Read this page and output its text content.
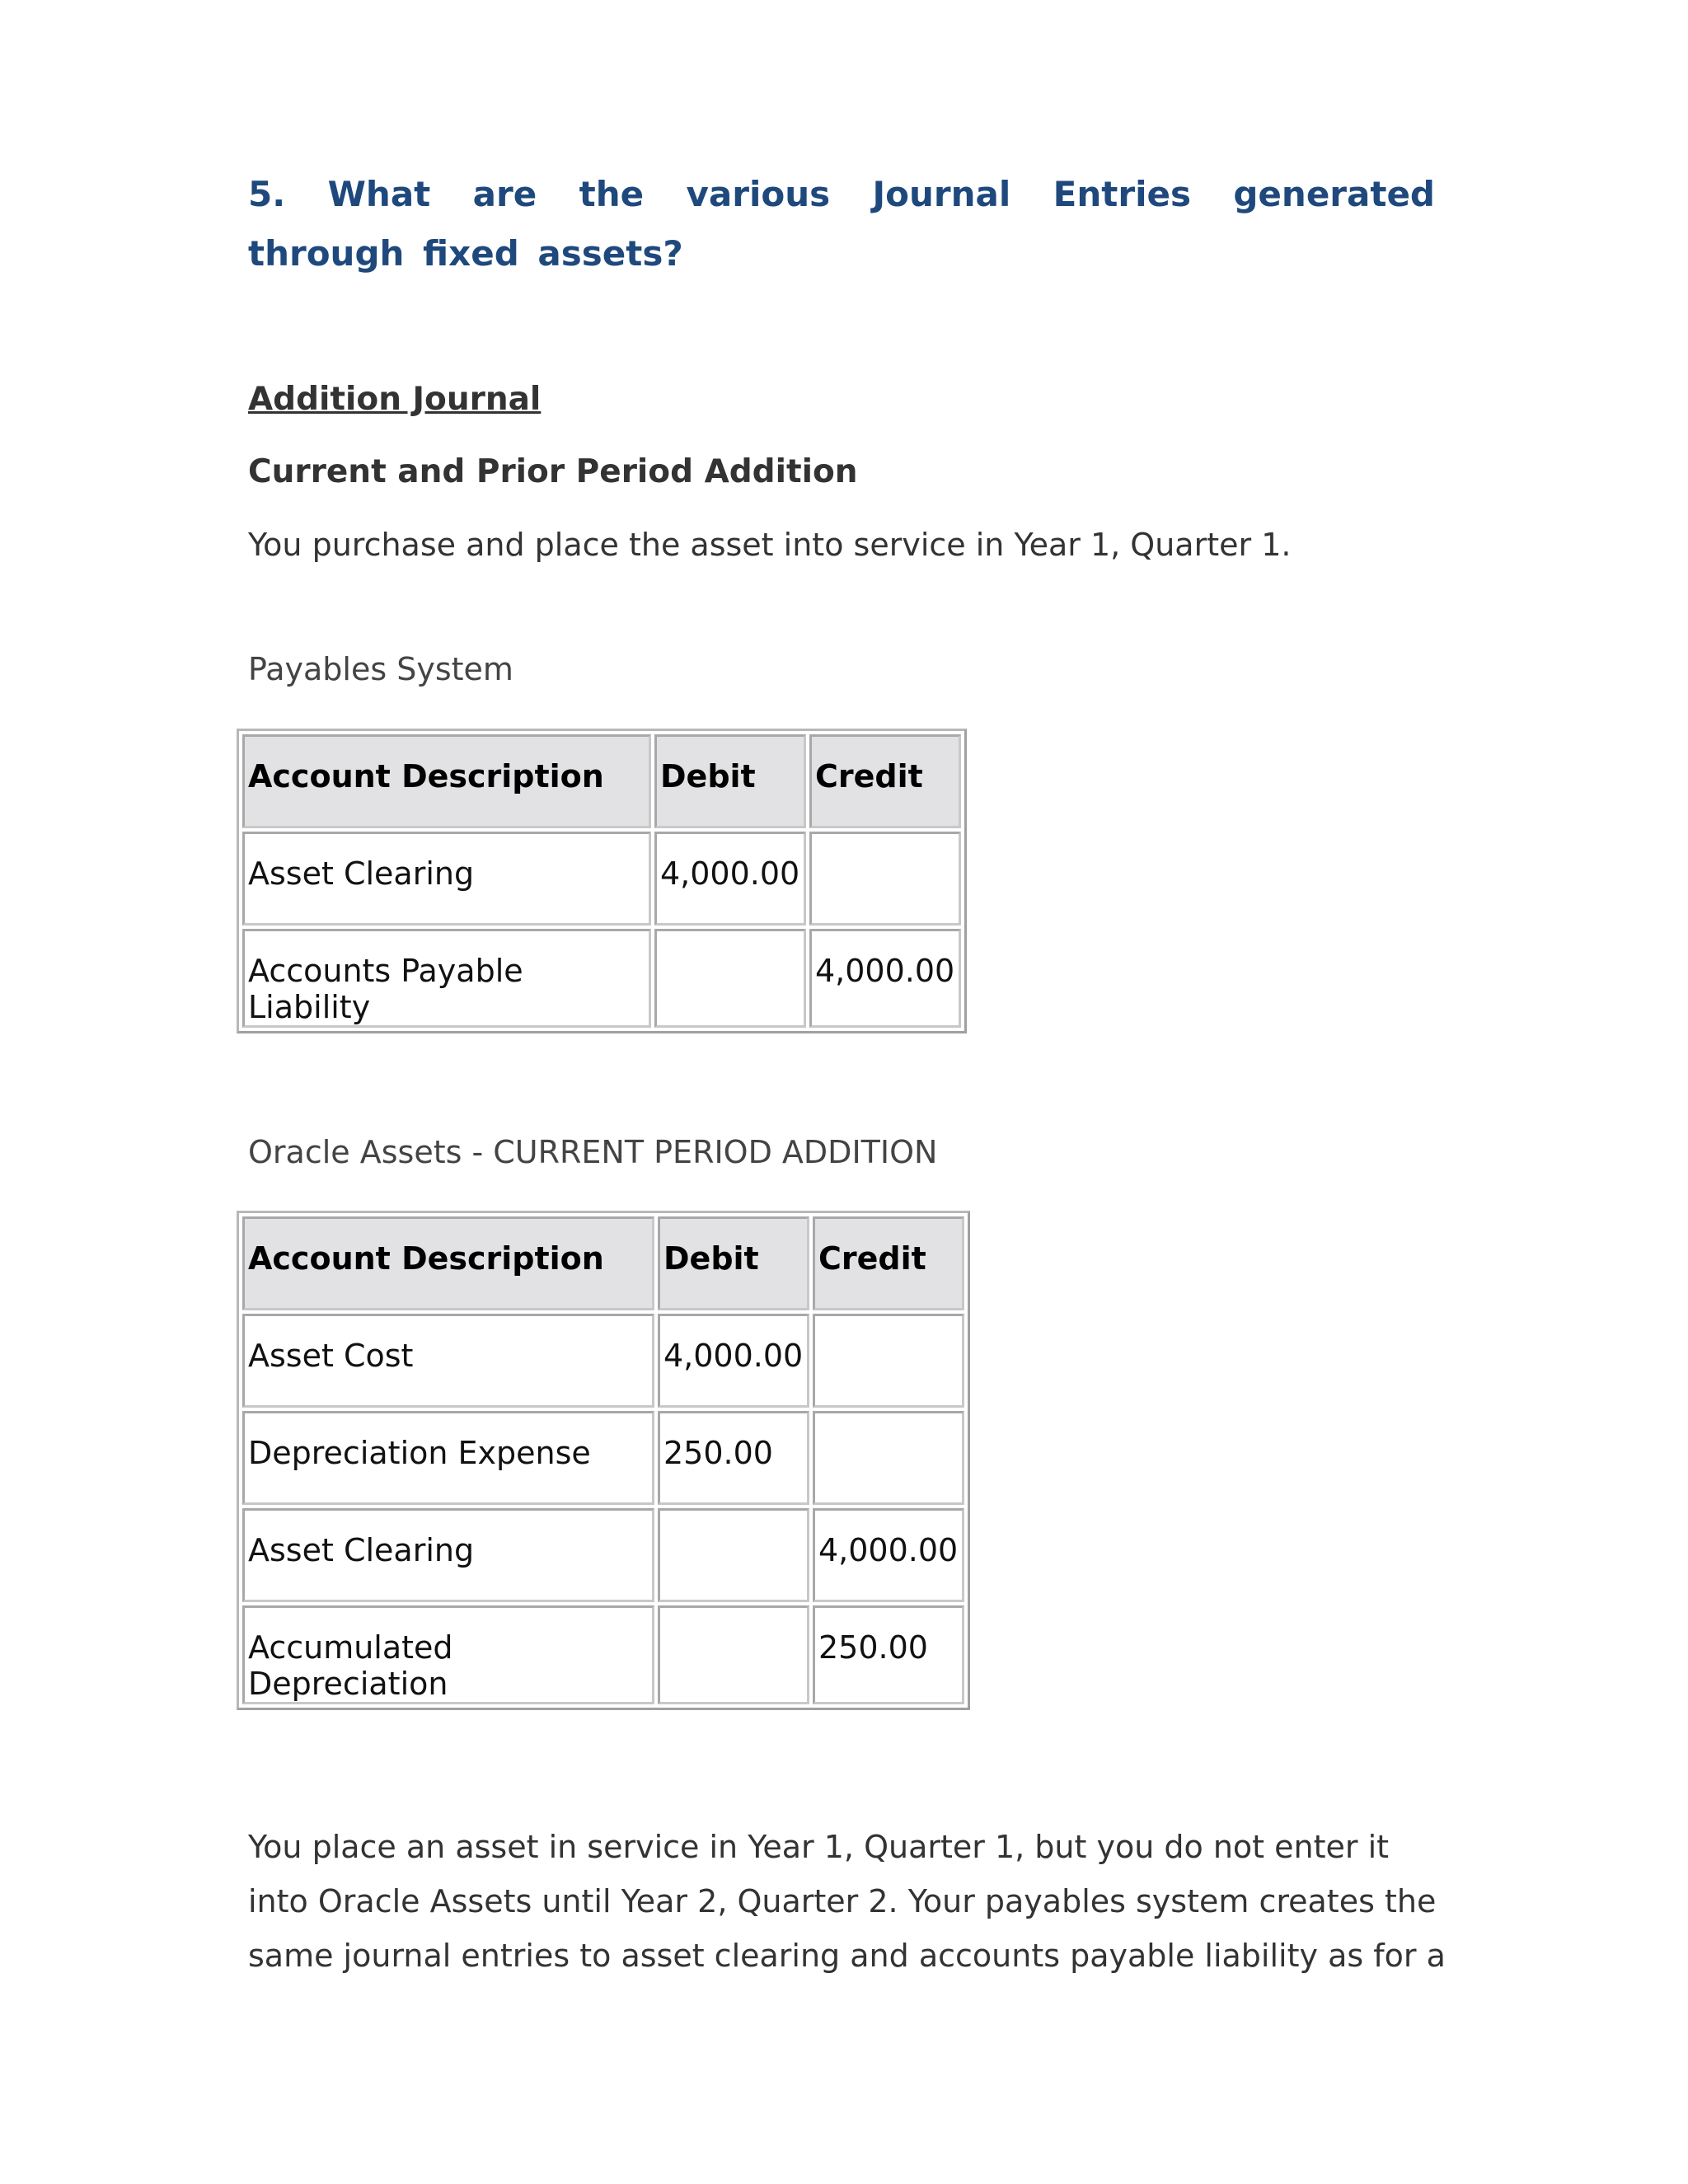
5. What are the various Journal Entries generated through fixed assets?
Addition Journal
Current and Prior Period Addition

You purchase and place the asset into service in Year 1, Quarter 1.

Payables System

Account Description	Debit	Credit
Asset Clearing	4,000.00	
Accounts Payable Liability		4,000.00

Oracle Assets - CURRENT PERIOD ADDITION

Account Description	Debit	Credit
Asset Cost	4,000.00	
Depreciation Expense	250.00	
Asset Clearing		4,000.00
Accumulated Depreciation		250.00

You place an asset in service in Year 1, Quarter 1, but you do not enter it into Oracle Assets until Year 2, Quarter 2. Your payables system creates the same journal entries to asset clearing and accounts payable liability as for a
